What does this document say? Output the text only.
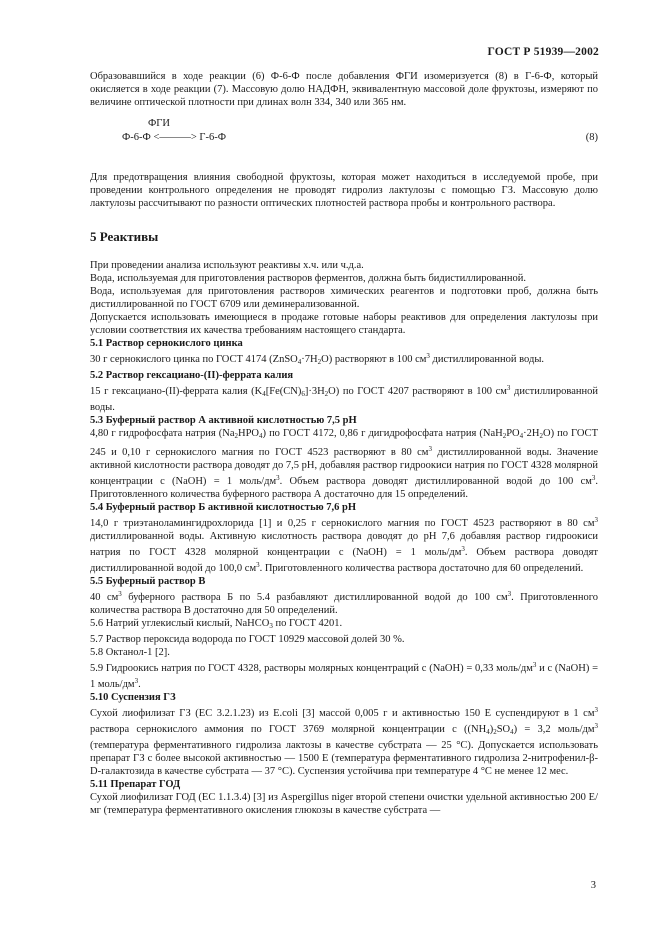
ГОСТ Р 51939—2002

Образовавшийся в ходе реакции (6) Ф-6-Ф после добавления ФГИ изомеризуется (8) в Г-6-Ф, который окисляется в ходе реакции (7). Массовую долю НАДФН, эквивалентную массовой доле фруктозы, измеряют по величине оптической плотности при длинах волн 334, 340 или 365 нм.

ФГИ
Ф-6-Ф <———> Г-6-Ф	(8)

Для предотвращения влияния свободной фруктозы, которая может находиться в исследуемой пробе, при проведении контрольного определения не проводят гидролиз лактулозы с помощью ГЗ. Массовую долю лактулозы рассчитывают по разности оптических плотностей раствора пробы и контрольного раствора.

5 Реактивы

При проведении анализа используют реактивы х.ч. или ч.д.а.

Вода, используемая для приготовления растворов ферментов, должна быть бидистиллированной.

Вода, используемая для приготовления растворов химических реагентов и подготовки проб, должна быть дистиллированной по ГОСТ 6709 или деминерализованной.

Допускается использовать имеющиеся в продаже готовые наборы реактивов для определения лактулозы при условии соответствия их качества требованиям настоящего стандарта.

5.1 Раствор сернокислого цинка

30 г сернокислого цинка по ГОСТ 4174 $(ZnSO_4\cdot 7H_2O)$ растворяют в 100 $см^3$ дистиллированной воды.

5.2 Раствор гексациано-(II)-феррата калия

15 г гексациано-(II)-феррата калия $(K_4[Fe(CN)_6]\cdot 3H_2O)$ по ГОСТ 4207 растворяют в 100 $см^3$ дистиллированной воды.

5.3 Буферный раствор А активной кислотностью 7,5 pH

4,80 г гидрофосфата натрия $(Na_2HPO_4)$ по ГОСТ 4172, 0,86 г дигидрофосфата натрия $(NaH_2PO_4\cdot 2H_2O)$ по ГОСТ 245 и 0,10 г сернокислого магния по ГОСТ 4523 растворяют в 80 $см^3$ дистиллированной воды. Значение активной кислотности раствора доводят до 7,5 pH, добавляя раствор гидроокиси натрия по ГОСТ 4328 молярной концентрации c (NaOH) = 1 моль/$дм^3$. Объем раствора доводят дистиллированной водой до 100 $см^3$. Приготовленного количества буферного раствора А достаточно для 15 определений.

5.4 Буферный раствор Б активной кислотностью 7,6 pH

14,0 г триэтаноламингидрохлорида [1] и 0,25 г сернокислого магния по ГОСТ 4523 растворяют в 80 $см^3$ дистиллированной воды. Активную кислотность раствора доводят до pH 7,6 добавляя раствор гидроокиси натрия по ГОСТ 4328 молярной концентрации c (NaOH) = 1 моль/$дм^3$. Объем раствора доводят дистиллированной водой до 100,0 $см^3$. Приготовленного количества раствора достаточно для 60 определений.

5.5 Буферный раствор В

40 $см^3$ буферного раствора Б по 5.4 разбавляют дистиллированной водой до 100 $см^3$. Приготовленного количества раствора В достаточно для 50 определений.

5.6 Натрий углекислый кислый, NaHCO$_3$ по ГОСТ 4201.

5.7 Раствор пероксида водорода по ГОСТ 10929 массовой долей 30 %.

5.8 Октанол-1 [2].

5.9 Гидроокись натрия по ГОСТ 4328, растворы молярных концентраций c (NaOH) = 0,33 моль/$дм^3$ и c (NaOH) = 1 моль/$дм^3$.

5.10 Суспензия ГЗ

Сухой лиофилизат ГЗ (ЕС 3.2.1.23) из E.coli [3] массой 0,005 г и активностью 150 Е суспендируют в 1 $см^3$ раствора сернокислого аммония по ГОСТ 3769 молярной концентрации c $((NH_4)_2SO_4) = 3,2$ моль/$дм^3$ (температура ферментативного гидролиза лактозы в качестве субстрата — 25 °С). Допускается использовать препарат ГЗ с более высокой активностью — 1500 Е (температура ферментативного гидролиза 2-нитрофенил-β-D-галактозида в качестве субстрата — 37 °С). Суспензия устойчива при температуре 4 °С не менее 12 мес.

5.11 Препарат ГОД

Сухой лиофилизат ГОД (ЕС 1.1.3.4) [3] из Aspergillus niger второй степени очистки удельной активностью 200 Е/мг (температура ферментативного окисления глюкозы в качестве субстрата —

3
